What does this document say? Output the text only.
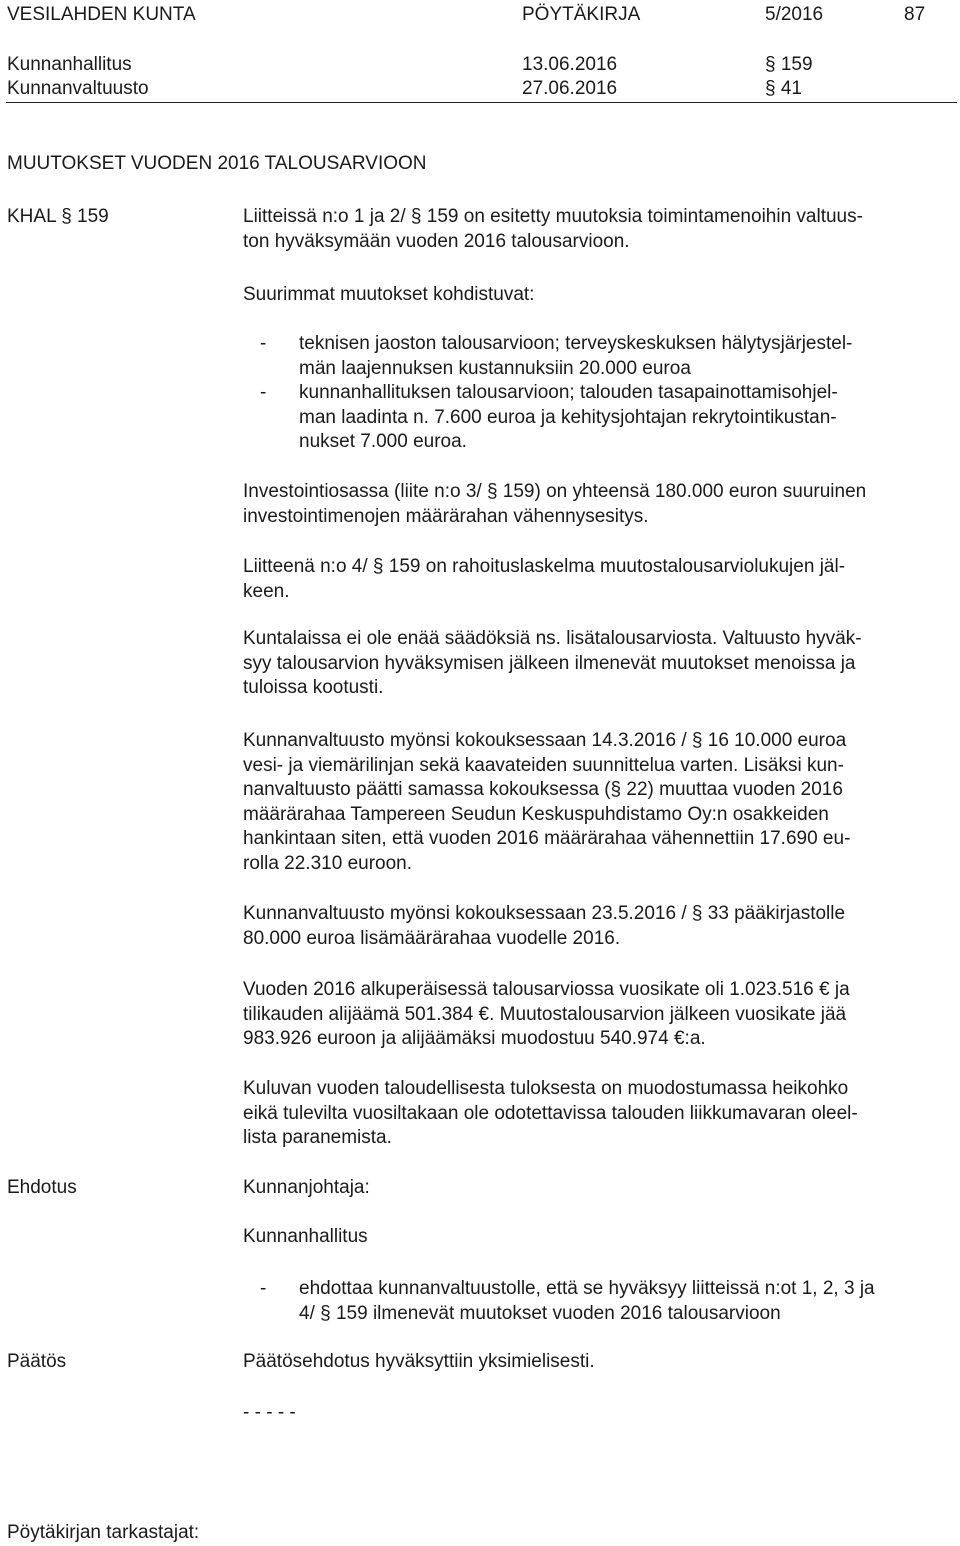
VESILAHDEN KUNTA	PÖYTÄKIRJA	5/2016	87
Kunnanhallitus	13.06.2016	§ 159
Kunnanvaltuusto	27.06.2016	§ 41
MUUTOKSET VUODEN 2016 TALOUSARVIOON
KHAL § 159	Liitteissä n:o 1 ja 2/ § 159 on esitetty muutoksia toimintamenoihin valtuus-
ton hyväksymään vuoden 2016 talousarvioon.
Suurimmat muutokset kohdistuvat:
- teknisen jaoston talousarvioon; terveyskeskuksen hälytysjärjestel-
män laajennuksen kustannuksiin 20.000 euroa
- kunnanhallituksen talousarvioon; talouden tasapainottamisohjel-
man laadinta n. 7.600 euroa ja kehitysjohtajan rekrytointikustan-
nukset 7.000 euroa.
Investointiosassa (liite n:o 3/ § 159) on yhteensä 180.000 euron suuruinen
investointimenojen määrärahan vähennysesitys.
Liitteenä n:o 4/ § 159 on rahoituslaskelma muutostalousarviolukujen jäl-
keen.
Kuntalaissa ei ole enää säädöksiä ns. lisätalousarviosta. Valtuusto hyväk-
syy talousarvion hyväksymisen jälkeen ilmenevät muutokset menoissa ja
tuloissa kootusti.
Kunnanvaltuusto myönsi kokouksessaan 14.3.2016 / § 16 10.000 euroa
vesi- ja viemärilinjan sekä kaavateiden suunnittelua varten. Lisäksi kun-
nanvaltuusto päätti samassa kokouksessa (§ 22) muuttaa vuoden 2016
määrärahaa Tampereen Seudun Keskuspuhdistamo Oy:n osakkeiden
hankintaan siten, että vuoden 2016 määrärahaa vähennettiin 17.690 eu-
rolla 22.310 euroon.
Kunnanvaltuusto myönsi kokouksessaan 23.5.2016 / § 33 pääkirjastolle
80.000 euroa lisämäärärahaa vuodelle 2016.
Vuoden 2016 alkuperäisessä talousarviossa vuosikate oli 1.023.516 € ja
tilikauden alijäämä 501.384 €. Muutostalousarvion jälkeen vuosikate jää
983.926 euroon ja alijäämäksi muodostuu 540.974 €:a.
Kuluvan vuoden taloudellisesta tuloksesta on muodostumassa heikohko
eikä tulevilta vuosiltakaan ole odotettavissa talouden liikkumavaran oleel-
lista paranemista.
Ehdotus	Kunnanjohtaja:
Kunnanhallitus
- ehdottaa kunnanvaltuustolle, että se hyväksyy liitteissä n:ot 1, 2, 3 ja
4/ § 159 ilmenevät muutokset vuoden 2016 talousarvioon
Päätös	Päätösehdotus hyväksyttiin yksimielisesti.
- - - - -
Pöytäkirjan tarkastajat:
